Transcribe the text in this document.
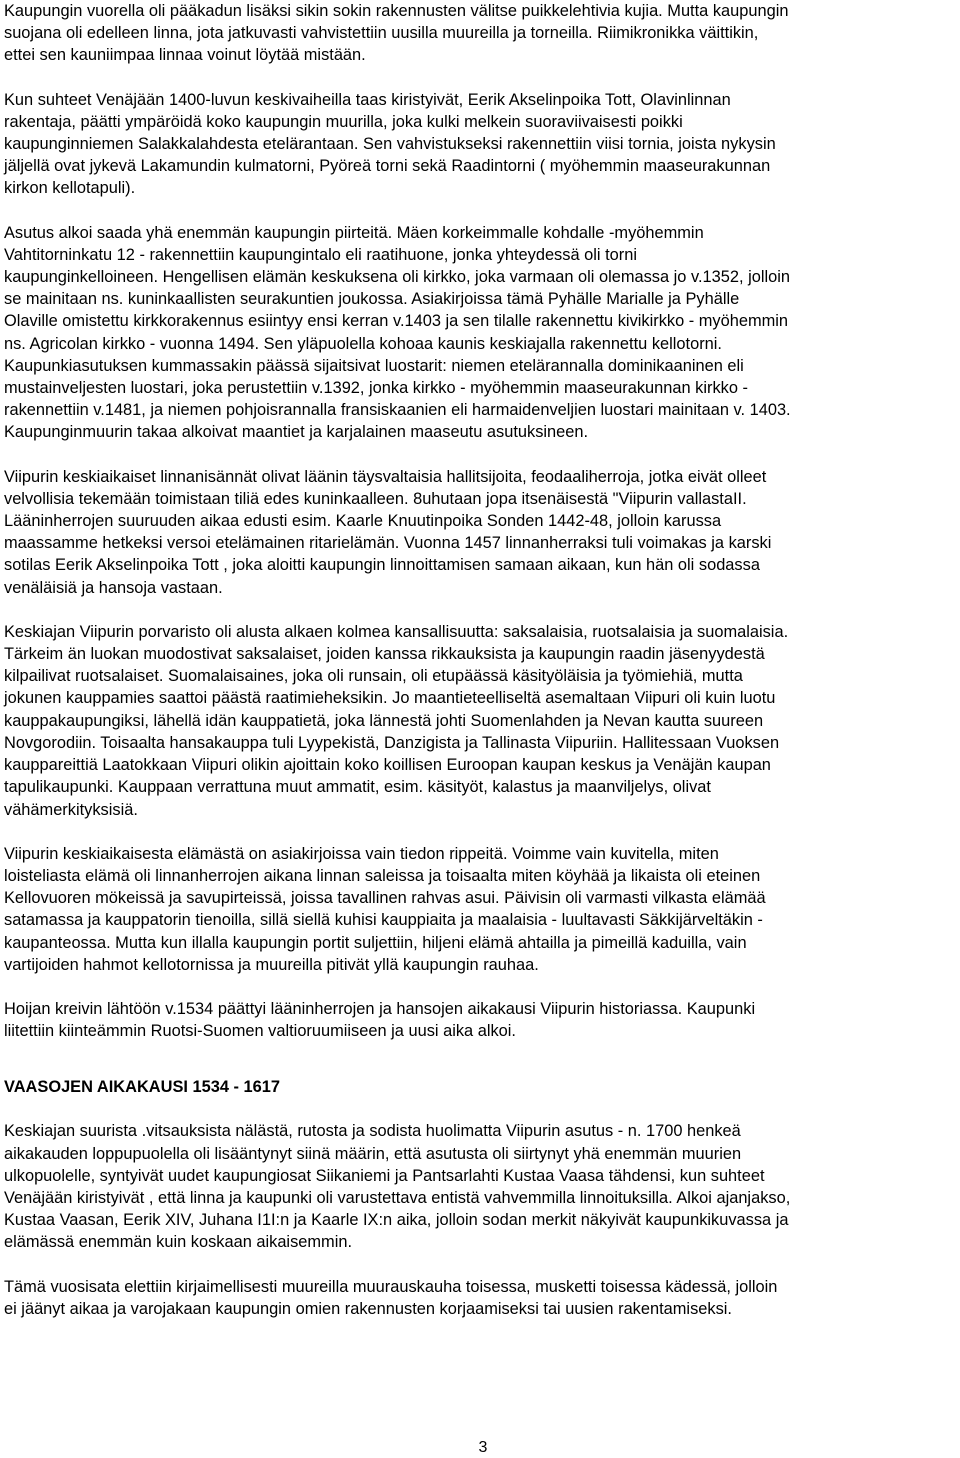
Kaupungin vuorella oli pääkadun lisäksi sikin sokin rakennusten välitse puikkelehtivia kujia. Mutta kaupungin
suojana oli edelleen linna, jota jatkuvasti vahvistettiin uusilla muureilla ja torneilla. Riimikronikka väittikin,
ettei sen kauniimpaa linnaa voinut löytää mistään.

Kun suhteet Venäjään 1400-luvun keskivaiheilla taas kiristyivät, Eerik Akselinpoika Tott, Olavinlinnan
rakentaja, päätti ympäröidä koko kaupungin muurilla, joka kulki melkein suoraviivaisesti poikki
kaupunginniemen Salakkalahdesta etelärantaan. Sen vahvistukseksi rakennettiin viisi tornia, joista nykysin
jäljellä ovat jykevä Lakamundin kulmatorni, Pyöreä torni sekä Raadintorni ( myöhemmin maaseurakunnan
kirkon kellotapuli).

Asutus alkoi saada yhä enemmän kaupungin piirteitä. Mäen korkeimmalle kohdalle -myöhemmin
Vahtitorninkatu 12 - rakennettiin kaupungintalo eli raatihuone, jonka yhteydessä oli torni
kaupunginkelloineen. Hengellisen elämän keskuksena oli kirkko, joka varmaan oli olemassa jo v.1352, jolloin
se mainitaan ns. kuninkaallisten seurakuntien joukossa. Asiakirjoissa tämä Pyhälle Marialle ja Pyhälle
Olaville omistettu kirkkorakennus esiintyy ensi kerran v.1403 ja sen tilalle rakennettu kivikirkko - myöhemmin
ns. Agricolan kirkko - vuonna 1494. Sen yläpuolella kohoaa kaunis keskiajalla rakennettu kellotorni.
Kaupunkiasutuksen kummassakin päässä sijaitsivat luostarit: niemen etelärannalla dominikaaninen eli
mustainveljesten luostari, joka perustettiin v.1392, jonka kirkko - myöhemmin maaseurakunnan kirkko -
rakennettiin v.1481, ja niemen pohjoisrannalla fransiskaanien eli harmaidenveljien luostari mainitaan v. 1403.
Kaupunginmuurin takaa alkoivat maantiet ja karjalainen maaseutu asutuksineen.

Viipurin keskiaikaiset linnanisännät olivat läänin täysvaltaisia hallitsijoita, feodaaliherroja, jotka eivät olleet
velvollisia tekemään toimistaan tiliä edes kuninkaalleen. 8uhutaan jopa itsenäisestä "Viipurin vallastaII.
Lääninherrojen suuruuden aikaa edusti esim. Kaarle Knuutinpoika Sonden 1442-48, jolloin karussa
maassamme hetkeksi versoi etelämainen ritarielämän. Vuonna 1457 linnanherraksi tuli voimakas ja karski
sotilas Eerik Akselinpoika Tott , joka aloitti kaupungin linnoittamisen samaan aikaan, kun hän oli sodassa
venäläisiä ja hansoja vastaan.

Keskiajan Viipurin porvaristo oli alusta alkaen kolmea kansallisuutta: saksalaisia, ruotsalaisia ja suomalaisia.
Tärkeim än luokan muodostivat saksalaiset, joiden kanssa rikkauksista ja kaupungin raadin jäsenyydestä
kilpailivat ruotsalaiset. Suomalaisaines, joka oli runsain, oli etupäässä käsityöläisia ja työmiehiä, mutta
jokunen kauppamies saattoi päästä raatimieheksikin. Jo maantieteelliseltä asemaltaan Viipuri oli kuin luotu
kauppakaupungiksi, lähellä idän kauppatietä, joka lännestä johti Suomenlahden ja Nevan kautta suureen
Novgorodiin. Toisaalta hansakauppa tuli Lyypekistä, Danzigista ja Tallinasta Viipuriin. Hallitessaan Vuoksen
kauppareittiä Laatokkaan Viipuri olikin ajoittain koko koillisen Euroopan kaupan keskus ja Venäjän kaupan
tapulikaupunki. Kauppaan verrattuna muut ammatit, esim. käsityöt, kalastus ja maanviljelys, olivat
vähämerkityksisiä.

Viipurin keskiaikaisesta elämästä on asiakirjoissa vain tiedon rippeitä. Voimme vain kuvitella, miten
loisteliasta elämä oli linnanherrojen aikana linnan saleissa ja toisaalta miten köyhää ja likaista oli eteinen
Kellovuoren mökeissä ja savupirteissä, joissa tavallinen rahvas asui. Päivisin oli varmasti vilkasta elämää
satamassa ja kauppatorin tienoilla, sillä siellä kuhisi kauppiaita ja maalaisia - luultavasti Säkkijärveltäkin -
kaupanteossa. Mutta kun illalla kaupungin portit suljettiin, hiljeni elämä ahtailla ja pimeillä kaduilla, vain
vartijoiden hahmot kellotornissa ja muureilla pitivät yllä kaupungin rauhaa.

Hoijan kreivin lähtöön v.1534 päättyi lääninherrojen ja hansojen aikakausi Viipurin historiassa. Kaupunki
liitettiin kiinteämmin Ruotsi-Suomen valtioruumiiseen ja uusi aika alkoi.

VAASOJEN AIKAKAUSI 1534 - 1617

Keskiajan suurista .vitsauksista nälästä, rutosta ja sodista huolimatta Viipurin asutus - n. 1700 henkeä
aikakauden loppupuolella oli lisääntynyt siinä määrin, että asutusta oli siirtynyt yhä enemmän muurien
ulkopuolelle, syntyivät uudet kaupungiosat Siikaniemi ja Pantsarlahti Kustaa Vaasa tähdensi, kun suhteet
Venäjään kiristyivät , että linna ja kaupunki oli varustettava entistä vahvemmilla linnoituksilla. Alkoi ajanjakso,
Kustaa Vaasan, Eerik XIV, Juhana I1I:n ja Kaarle IX:n aika, jolloin sodan merkit näkyivät kaupunkikuvassa ja
elämässä enemmän kuin koskaan aikaisemmin.

Tämä vuosisata elettiin kirjaimellisesti muureilla muurauskauha toisessa, musketti toisessa kädessä, jolloin
ei jäänyt aikaa ja varojakaan kaupungin omien rakennusten korjaamiseksi tai uusien rakentamiseksi.

3
